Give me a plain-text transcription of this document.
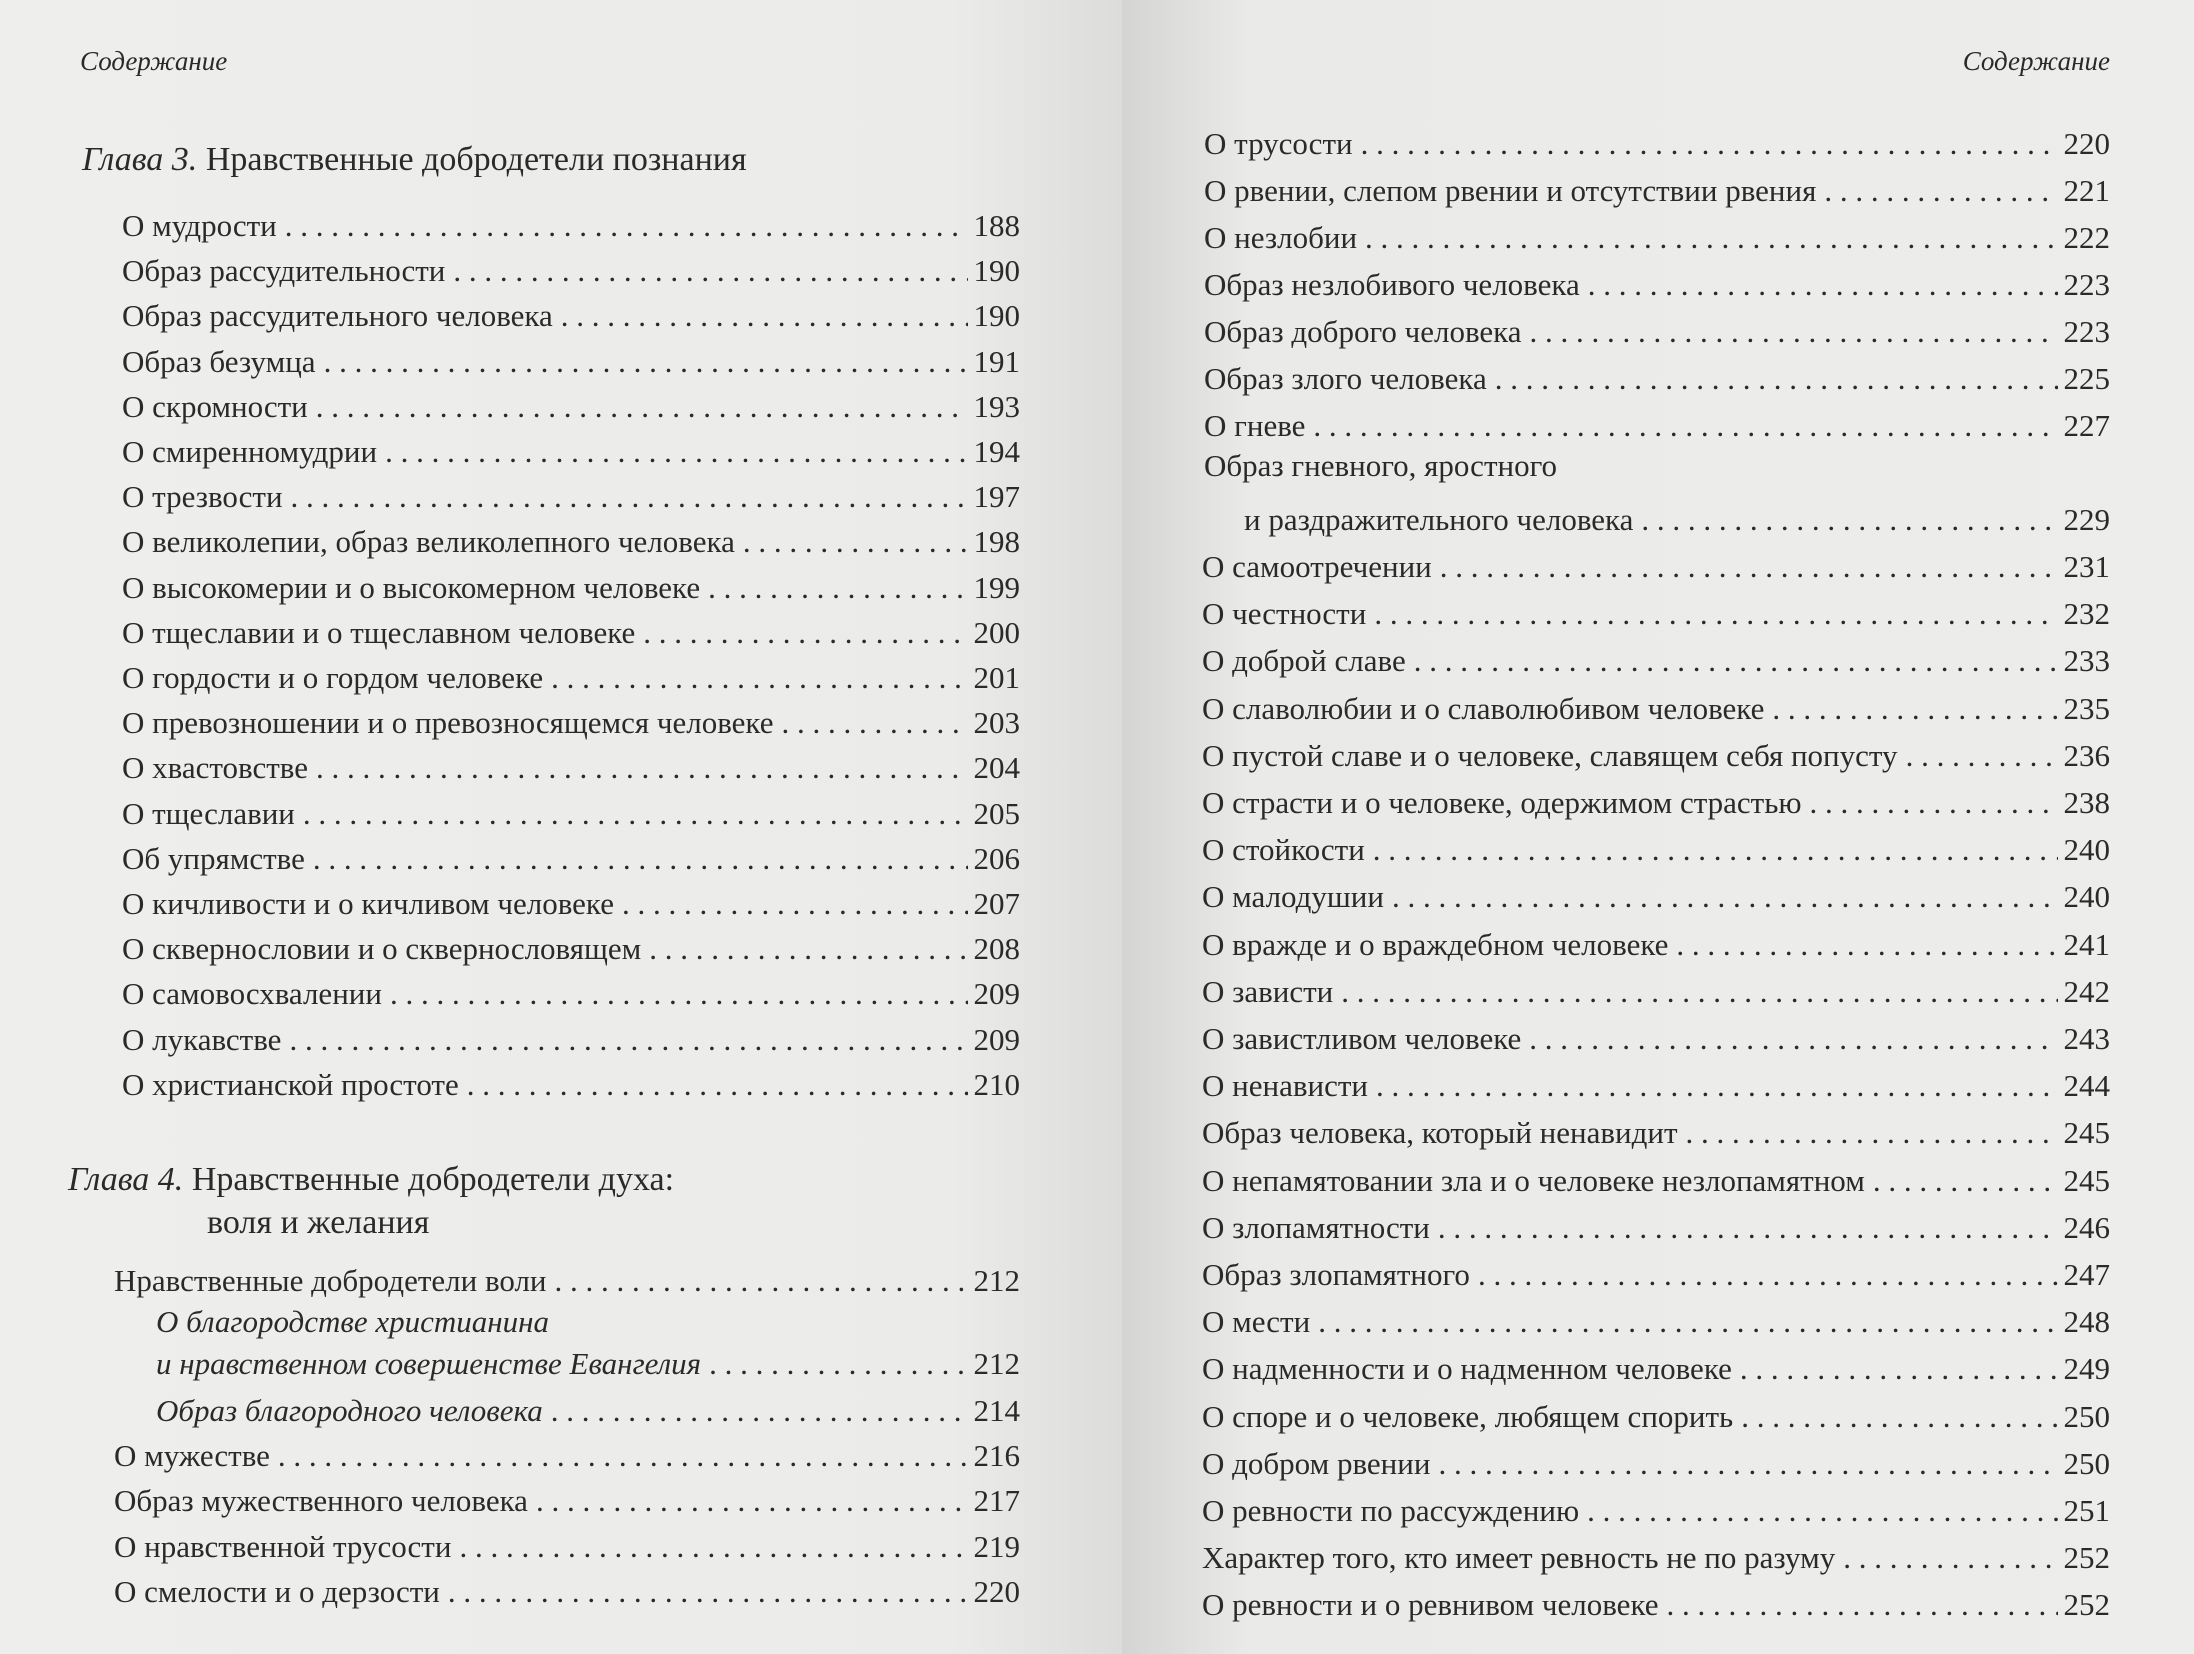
Содержание
Глава 3. Нравственные добродетели познания
О мудрости . . .	188
Образ рассудительности . . .	190
Образ рассудительного человека . . .	190
Образ безумца . . .	191
О скромности . . .	193
О смиренномудрии . . .	194
О трезвости . . .	197
О великолепии, образ великолепного человека . . .	198
О высокомерии и о высокомерном человеке . . .	199
О тщеславии и о тщеславном человеке . . .	200
О гордости и о гордом человеке . . .	201
О превозношении и о превозносящемся человеке . . .	203
О хвастовстве . . .	204
О тщеславии . . .	205
Об упрямстве . . .	206
О кичливости и о кичливом человеке . . .	207
О сквернословии и о сквернословящем . . .	208
О самовосхвалении . . .	209
О лукавстве . . .	209
О христианской простоте . . .	210
Глава 4. Нравственные добродетели духа:
воля и желания
Нравственные добродетели воли . . .	212
О благородстве христианина
и нравственном совершенстве Евангелия . . .	212
Образ благородного человека . . .	214
О мужестве . . .	216
Образ мужественного человека . . .	217
О нравственной трусости . . .	219
О смелости и о дерзости . . .	220
Содержание
О трусости . . .	220
О рвении, слепом рвении и отсутствии рвения . . .	221
О незлобии . . .	222
Образ незлобивого человека . . .	223
Образ доброго человека . . .	223
Образ злого человека . . .	225
О гневе . . .	227
Образ гневного, яростного
и раздражительного человека . . .	229
О самоотречении . . .	231
О честности . . .	232
О доброй славе . . .	233
О славолюбии и о славолюбивом человеке . . .	235
О пустой славе и о человеке, славящем себя попусту . . .	236
О страсти и о человеке, одержимом страстью . . .	238
О стойкости . . .	240
О малодушии . . .	240
О вражде и о враждебном человеке . . .	241
О зависти . . .	242
О завистливом человеке . . .	243
О ненависти . . .	244
Образ человека, который ненавидит . . .	245
О непамятовании зла и о человеке незлопамятном . . .	245
О злопамятности . . .	246
Образ злопамятного . . .	247
О мести . . .	248
О надменности и о надменном человеке . . .	249
О споре и о человеке, любящем спорить . . .	250
О добром рвении . . .	250
О ревности по рассуждению . . .	251
Характер того, кто имеет ревность не по разуму . . .	252
О ревности и о ревнивом человеке . . .	252
